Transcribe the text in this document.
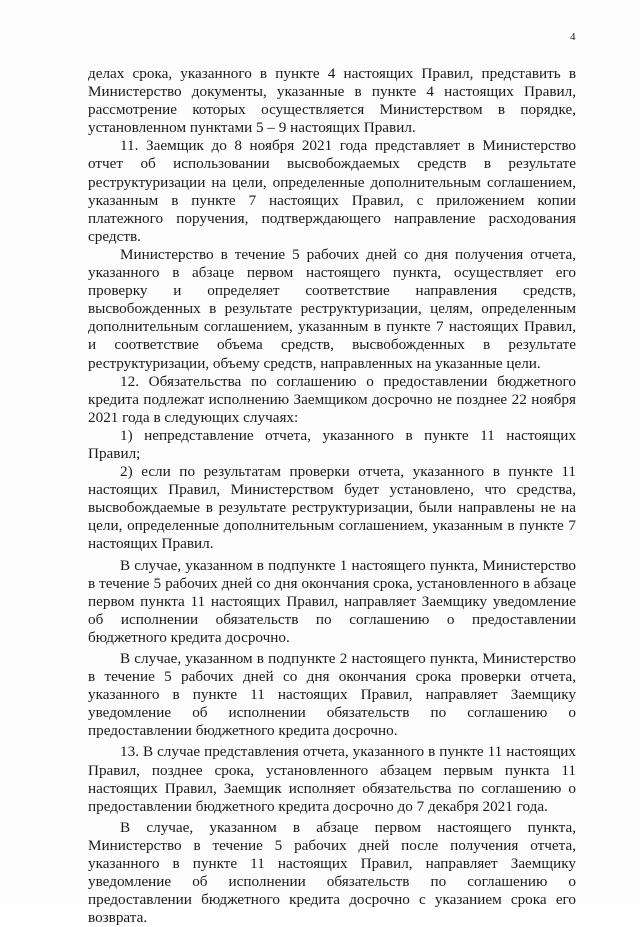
4

делах срока, указанного в пункте 4 настоящих Правил, представить в Министерство документы, указанные в пункте 4 настоящих Правил, рассмотрение которых осуществляется Министерством в порядке, установленном пунктами 5 – 9 настоящих Правил.

11. Заемщик до 8 ноября 2021 года представляет в Министерство отчет об использовании высвобождаемых средств в результате реструктуризации на цели, определенные дополнительным соглашением, указанным в пункте 7 настоящих Правил, с приложением копии платежного поручения, подтверждающего направление расходования средств.

Министерство в течение 5 рабочих дней со дня получения отчета, указанного в абзаце первом настоящего пункта, осуществляет его проверку и определяет соответствие направления средств, высвобожденных в результате реструктуризации, целям, определенным дополнительным соглашением, указанным в пункте 7 настоящих Правил, и соответствие объема средств, высвобожденных в результате реструктуризации, объему средств, направленных на указанные цели.

12. Обязательства по соглашению о предоставлении бюджетного кредита подлежат исполнению Заемщиком досрочно не позднее 22 ноября 2021 года в следующих случаях:

1) непредставление отчета, указанного в пункте 11 настоящих Правил;

2) если по результатам проверки отчета, указанного в пункте 11 настоящих Правил, Министерством будет установлено, что средства, высвобождаемые в результате реструктуризации, были направлены не на цели, определенные дополнительным соглашением, указанным в пункте 7 настоящих Правил.

В случае, указанном в подпункте 1 настоящего пункта, Министерство в течение 5 рабочих дней со дня окончания срока, установленного в абзаце первом пункта 11 настоящих Правил, направляет Заемщику уведомление об исполнении обязательств по соглашению о предоставлении бюджетного кредита досрочно.

В случае, указанном в подпункте 2 настоящего пункта, Министерство в течение 5 рабочих дней со дня окончания срока проверки отчета, указанного в пункте 11 настоящих Правил, направляет Заемщику уведомление об исполнении обязательств по соглашению о предоставлении бюджетного кредита досрочно.

13. В случае представления отчета, указанного в пункте 11 настоящих Правил, позднее срока, установленного абзацем первым пункта 11 настоящих Правил, Заемщик исполняет обязательства по соглашению о предоставлении бюджетного кредита досрочно до 7 декабря 2021 года.

В случае, указанном в абзаце первом настоящего пункта, Министерство в течение 5 рабочих дней после получения отчета, указанного в пункте 11 настоящих Правил, направляет Заемщику уведомление об исполнении обязательств по соглашению о предоставлении бюджетного кредита досрочно с указанием срока его возврата.
